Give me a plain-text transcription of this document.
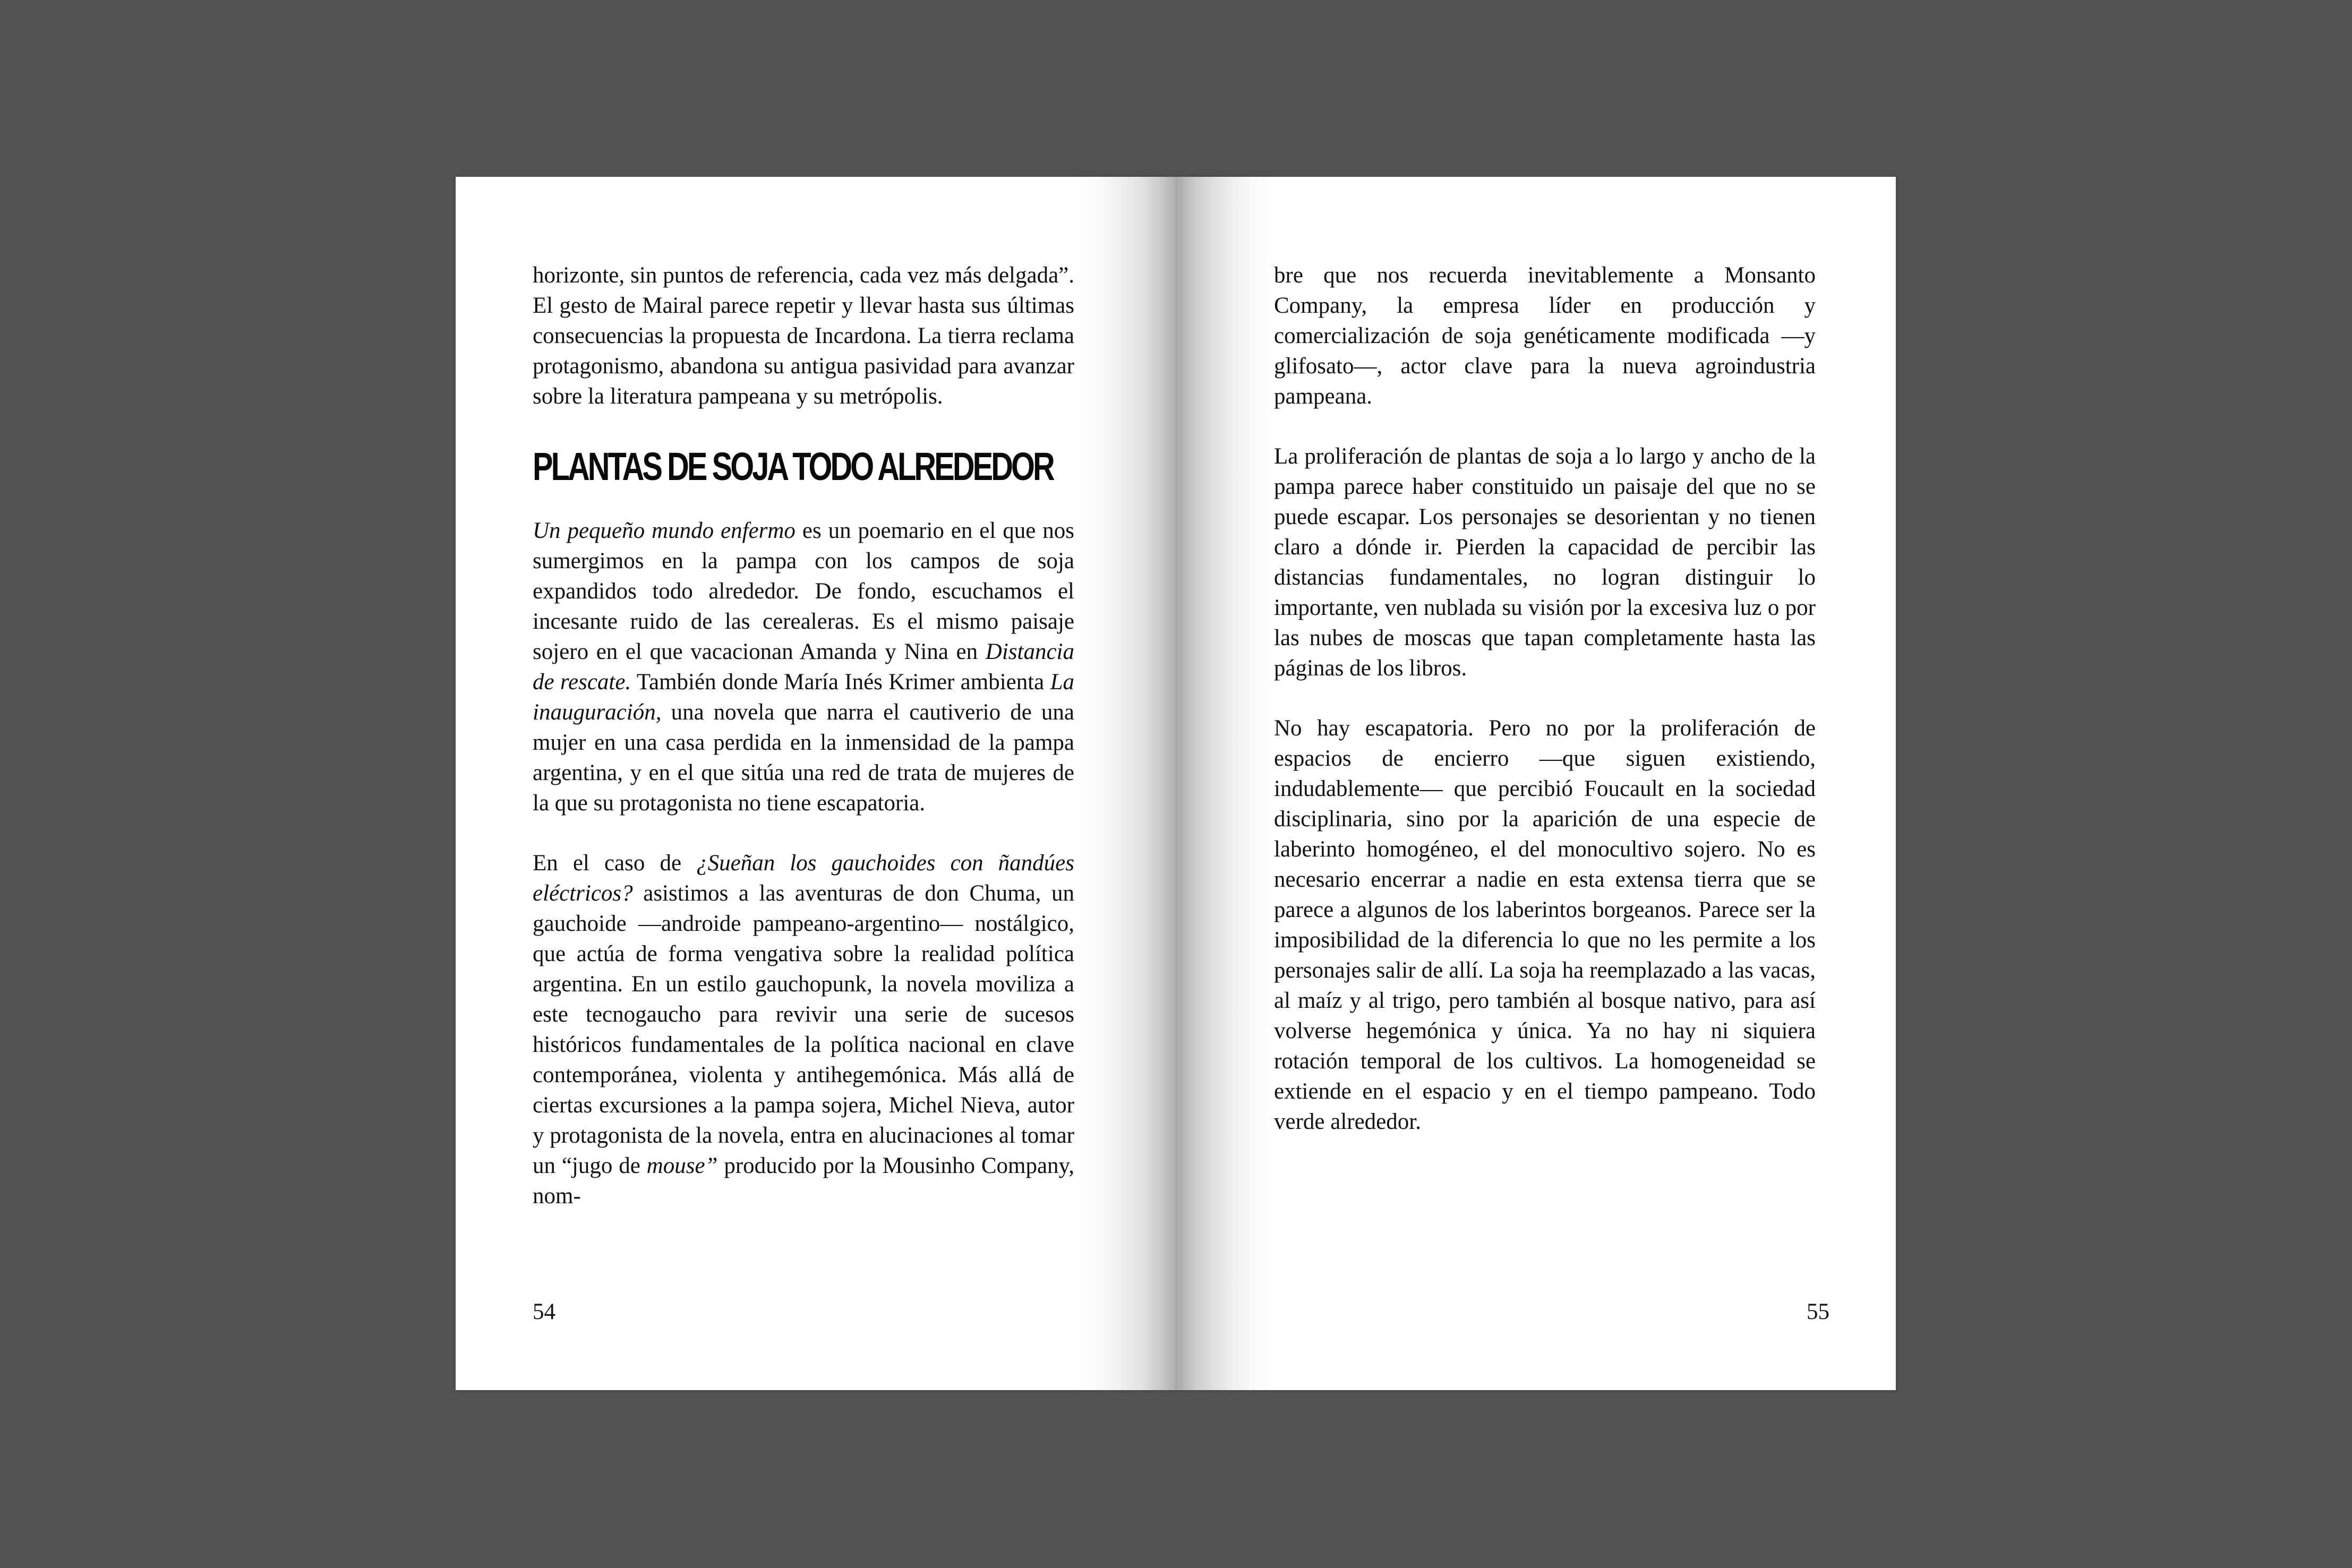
horizonte, sin puntos de referencia, cada vez más delgada”. El gesto de Mairal parece repetir y llevar hasta sus últimas consecuencias la propuesta de Incardona. La tierra reclama protagonismo, abandona su antigua pasividad para avanzar sobre la literatura pampeana y su metrópolis.

PLANTAS DE SOJA TODO ALREDEDOR

Un pequeño mundo enfermo es un poemario en el que nos sumergimos en la pampa con los campos de soja expandidos todo alrededor. De fondo, escuchamos el incesante ruido de las cerealeras. Es el mismo paisaje sojero en el que vacacionan Amanda y Nina en Distancia de rescate. También donde María Inés Krimer ambienta La inauguración, una novela que narra el cautiverio de una mujer en una casa perdida en la inmensidad de la pampa argentina, y en el que sitúa una red de trata de mujeres de la que su protagonista no tiene escapatoria.

En el caso de ¿Sueñan los gauchoides con ñandúes eléctricos? asistimos a las aventuras de don Chuma, un gauchoide —androide pampeano-argentino— nostálgico, que actúa de forma vengativa sobre la realidad política argentina. En un estilo gauchopunk, la novela moviliza a este tecnogaucho para revivir una serie de sucesos históricos fundamentales de la política nacional en clave contemporánea, violenta y antihegemónica. Más allá de ciertas excursiones a la pampa sojera, Michel Nieva, autor y protagonista de la novela, entra en alucinaciones al tomar un “jugo de mouse” producido por la Mousinho Company, nom-

bre que nos recuerda inevitablemente a Monsanto Company, la empresa líder en producción y comercialización de soja genéticamente modificada —y glifosato—, actor clave para la nueva agroindustria pampeana.

La proliferación de plantas de soja a lo largo y ancho de la pampa parece haber constituido un paisaje del que no se puede escapar. Los personajes se desorientan y no tienen claro a dónde ir. Pierden la capacidad de percibir las distancias fundamentales, no logran distinguir lo importante, ven nublada su visión por la excesiva luz o por las nubes de moscas que tapan completamente hasta las páginas de los libros.

No hay escapatoria. Pero no por la proliferación de espacios de encierro —que siguen existiendo, indudablemente— que percibió Foucault en la sociedad disciplinaria, sino por la aparición de una especie de laberinto homogéneo, el del monocultivo sojero. No es necesario encerrar a nadie en esta extensa tierra que se parece a algunos de los laberintos borgeanos. Parece ser la imposibilidad de la diferencia lo que no les permite a los personajes salir de allí. La soja ha reemplazado a las vacas, al maíz y al trigo, pero también al bosque nativo, para así volverse hegemónica y única. Ya no hay ni siquiera rotación temporal de los cultivos. La homogeneidad se extiende en el espacio y en el tiempo pampeano. Todo verde alrededor.

54	55
